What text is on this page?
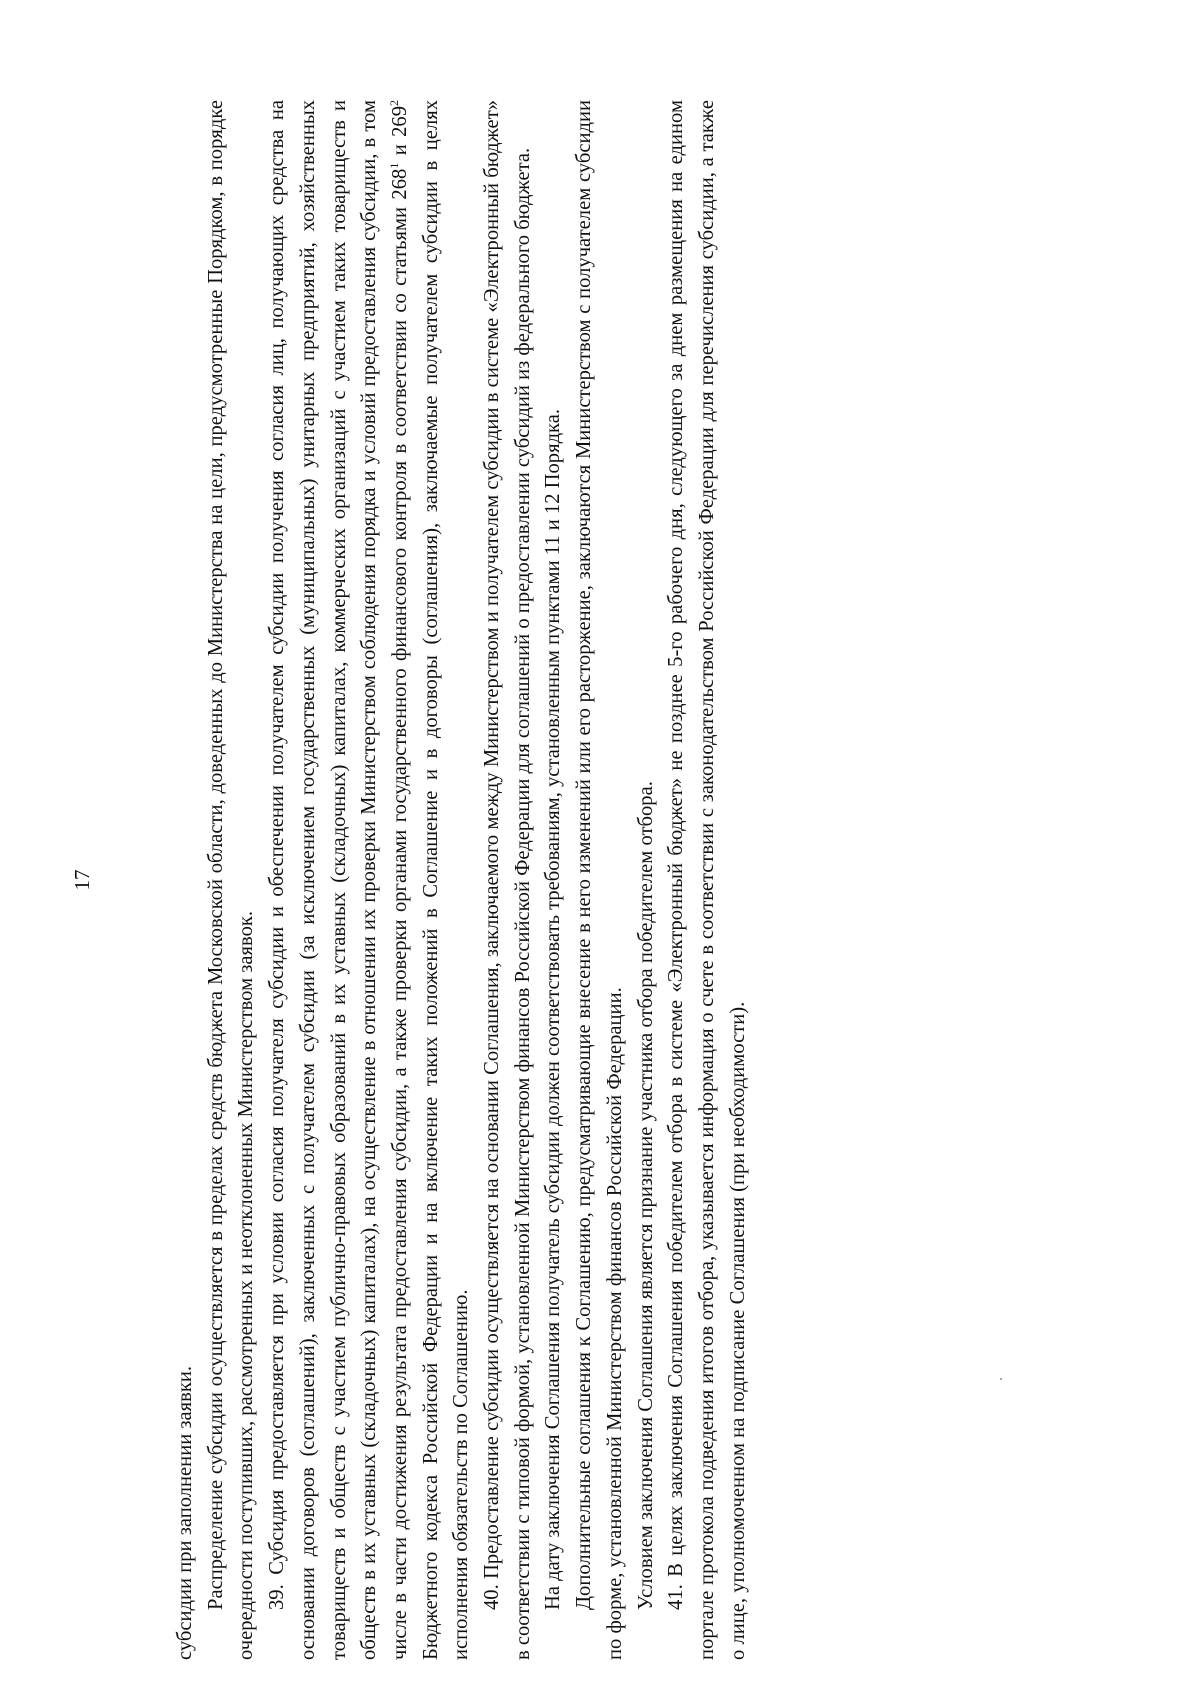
17

субсидии при заполнении заявки. Распределение субсидии осуществляется в пределах средств бюджета Московской области, доведенных до Министерства на цели, предусмотренные Порядком, в порядке очередности поступивших, рассмотренных и неотклоненных Министерством заявок. 39. Субсидия предоставляется при условии согласия получателя субсидии и обеспечении получателем субсидии получения согласия лиц, получающих средства на основании договоров (соглашений), заключенных с получателем субсидии (за исключением государственных (муниципальных) унитарных предприятий, хозяйственных товариществ и обществ с участием публично-правовых образований в их уставных (складочных) капиталах, коммерческих организаций с участием таких товариществ и обществ в их уставных (складочных) капиталах), на осуществление в отношении их проверки Министерством соблюдения порядка и условий предоставления субсидии, в том числе в части достижения результата предоставления субсидии, а также проверки органами государственного финансового контроля в соответствии со статьями $268^1$ и $269^2$ Бюджетного кодекса Российской Федерации и на включение таких положений в Соглашение и в договоры (соглашения), заключаемые получателем субсидии в целях исполнения обязательств по Соглашению. 40. Предоставление субсидии осуществляется на основании Соглашения, заключаемого между Министерством и получателем субсидии в системе «Электронный бюджет» в соответствии с типовой формой, установленной Министерством финансов Российской Федерации для соглашений о предоставлении субсидий из федерального бюджета. На дату заключения Соглашения получатель субсидии должен соответствовать требованиям, установленным пунктами 11 и 12 Порядка. Дополнительные соглашения к Соглашению, предусматривающие внесение в него изменений или его расторжение, заключаются Министерством с получателем субсидии по форме, установленной Министерством финансов Российской Федерации. Условием заключения Соглашения является признание участника отбора победителем отбора. 41. В целях заключения Соглашения победителем отбора в системе «Электронный бюджет» не позднее 5-го рабочего дня, следующего за днем размещения на едином портале протокола подведения итогов отбора, указывается информация о счете в соответствии с законодательством Российской Федерации для перечисления субсидии, а также о лице, уполномоченном на подписание Соглашения (при необходимости).
